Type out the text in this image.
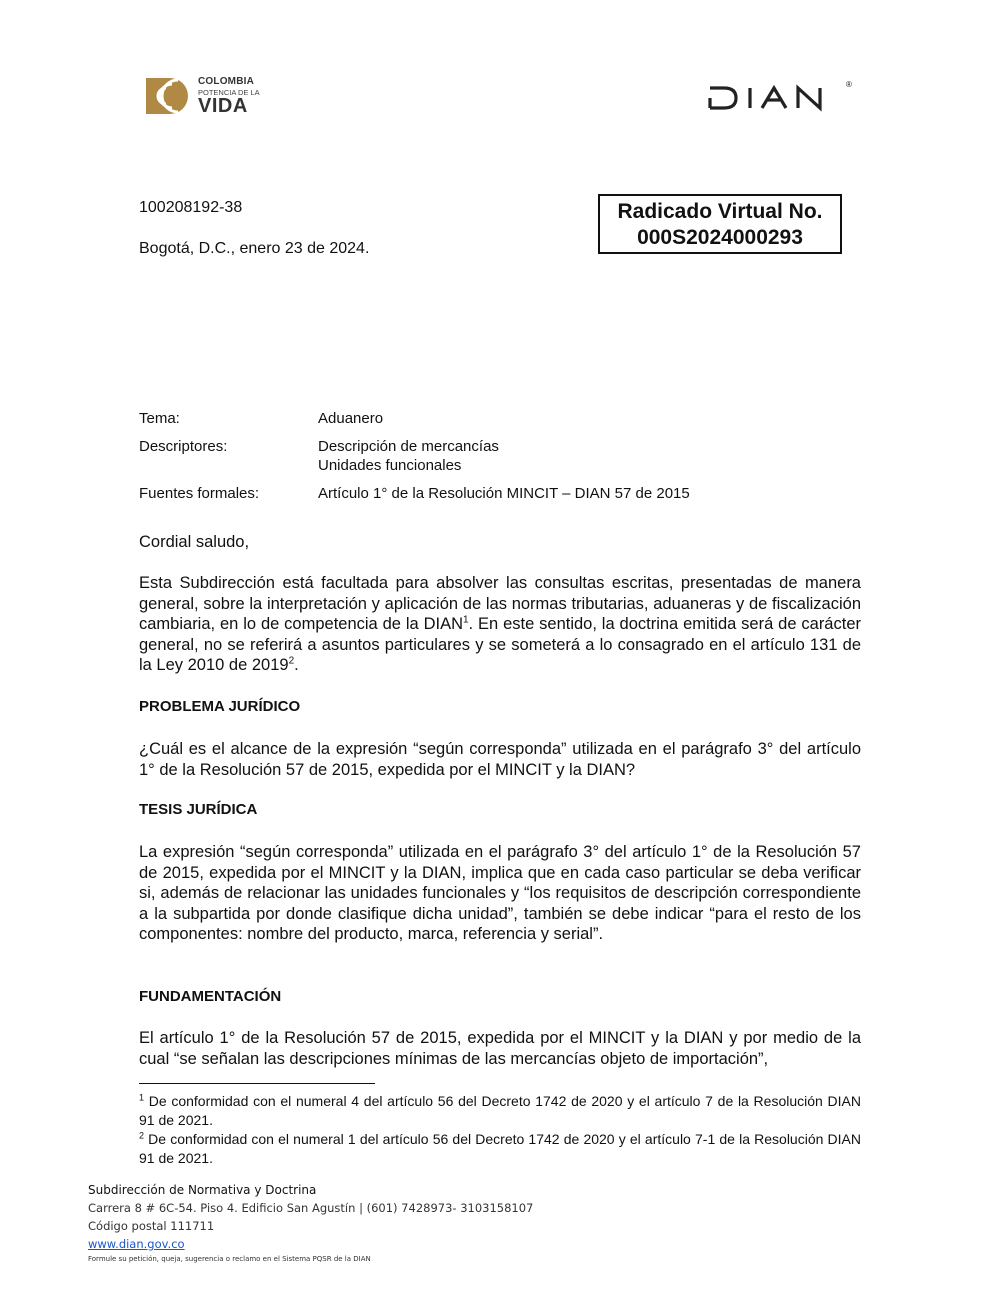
COLOMBIA
POTENCIA DE LA
VIDA
®
100208192-38
Bogotá, D.C., enero 23 de 2024.
Radicado Virtual No.
000S2024000293
Tema:	Aduanero
Descriptores:	Descripción de mercancías
Unidades funcionales
Fuentes formales:	Artículo 1° de la Resolución MINCIT – DIAN 57 de 2015
Cordial saludo,
Esta Subdirección está facultada para absolver las consultas escritas, presentadas de manera general, sobre la interpretación y aplicación de las normas tributarias, aduaneras y de fiscalización cambiaria, en lo de competencia de la DIAN$^1$. En este sentido, la doctrina emitida será de carácter general, no se referirá a asuntos particulares y se someterá a lo consagrado en el artículo 131 de la Ley 2010 de 2019$^2$.
PROBLEMA JURÍDICO
¿Cuál es el alcance de la expresión “según corresponda” utilizada en el parágrafo 3° del artículo 1° de la Resolución 57 de 2015, expedida por el MINCIT y la DIAN?
TESIS JURÍDICA
La expresión “según corresponda” utilizada en el parágrafo 3° del artículo 1° de la Resolución 57 de 2015, expedida por el MINCIT y la DIAN, implica que en cada caso particular se deba verificar si, además de relacionar las unidades funcionales y “los requisitos de descripción correspondiente a la subpartida por donde clasifique dicha unidad”, también se debe indicar “para el resto de los componentes: nombre del producto, marca, referencia y serial”.
FUNDAMENTACIÓN
El artículo 1° de la Resolución 57 de 2015, expedida por el MINCIT y la DIAN y por medio de la cual “se señalan las descripciones mínimas de las mercancías objeto de importación”,
$^1$ De conformidad con el numeral 4 del artículo 56 del Decreto 1742 de 2020 y el artículo 7 de la Resolución DIAN 91 de 2021.
$^2$ De conformidad con el numeral 1 del artículo 56 del Decreto 1742 de 2020 y el artículo 7-1 de la Resolución DIAN 91 de 2021.
Subdirección de Normativa y Doctrina
Carrera 8 # 6C-54. Piso 4. Edificio San Agustín | (601) 7428973- 3103158107
Código postal 111711
www.dian.gov.co
Formule su petición, queja, sugerencia o reclamo en el Sistema PQSR de la DIAN
